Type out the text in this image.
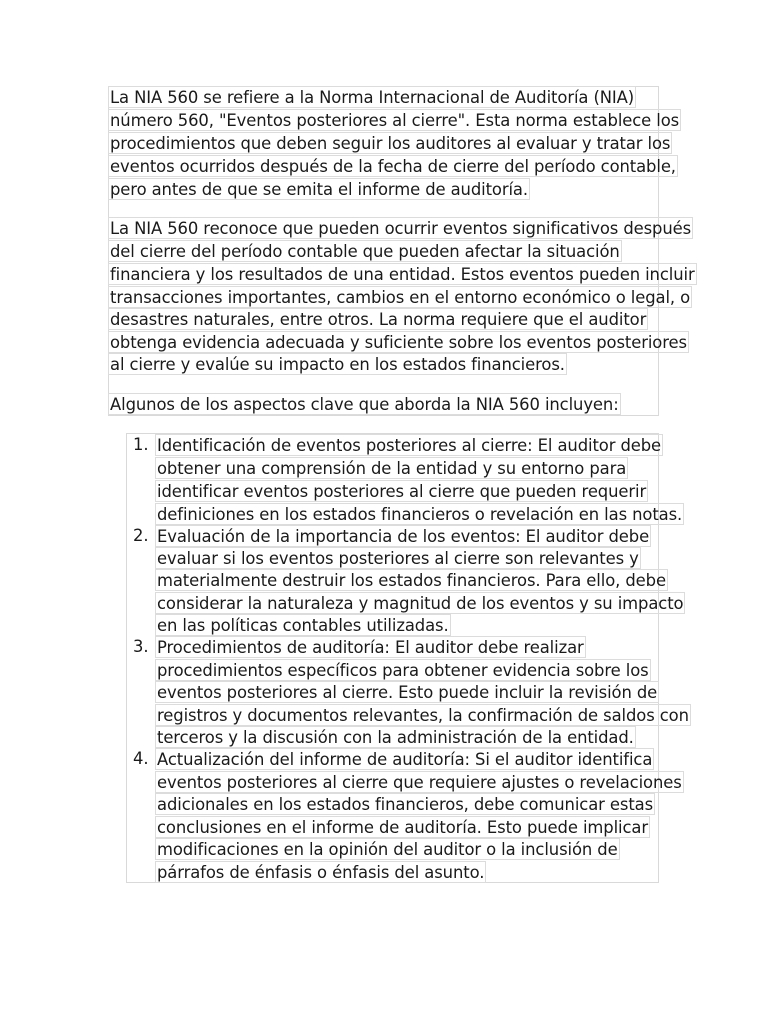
La NIA 560 se refiere a la Norma Internacional de Auditoría (NIA)
número 560, "Eventos posteriores al cierre". Esta norma establece los
procedimientos que deben seguir los auditores al evaluar y tratar los
eventos ocurridos después de la fecha de cierre del período contable,
pero antes de que se emita el informe de auditoría.
La NIA 560 reconoce que pueden ocurrir eventos significativos después
del cierre del período contable que pueden afectar la situación
financiera y los resultados de una entidad. Estos eventos pueden incluir
transacciones importantes, cambios en el entorno económico o legal, o
desastres naturales, entre otros. La norma requiere que el auditor
obtenga evidencia adecuada y suficiente sobre los eventos posteriores
al cierre y evalúe su impacto en los estados financieros.
Algunos de los aspectos clave que aborda la NIA 560 incluyen:
1. Identificación de eventos posteriores al cierre: El auditor debe
obtener una comprensión de la entidad y su entorno para
identificar eventos posteriores al cierre que pueden requerir
definiciones en los estados financieros o revelación en las notas.
2. Evaluación de la importancia de los eventos: El auditor debe
evaluar si los eventos posteriores al cierre son relevantes y
materialmente destruir los estados financieros. Para ello, debe
considerar la naturaleza y magnitud de los eventos y su impacto
en las políticas contables utilizadas.
3. Procedimientos de auditoría: El auditor debe realizar
procedimientos específicos para obtener evidencia sobre los
eventos posteriores al cierre. Esto puede incluir la revisión de
registros y documentos relevantes, la confirmación de saldos con
terceros y la discusión con la administración de la entidad.
4. Actualización del informe de auditoría: Si el auditor identifica
eventos posteriores al cierre que requiere ajustes o revelaciones
adicionales en los estados financieros, debe comunicar estas
conclusiones en el informe de auditoría. Esto puede implicar
modificaciones en la opinión del auditor o la inclusión de
párrafos de énfasis o énfasis del asunto.
